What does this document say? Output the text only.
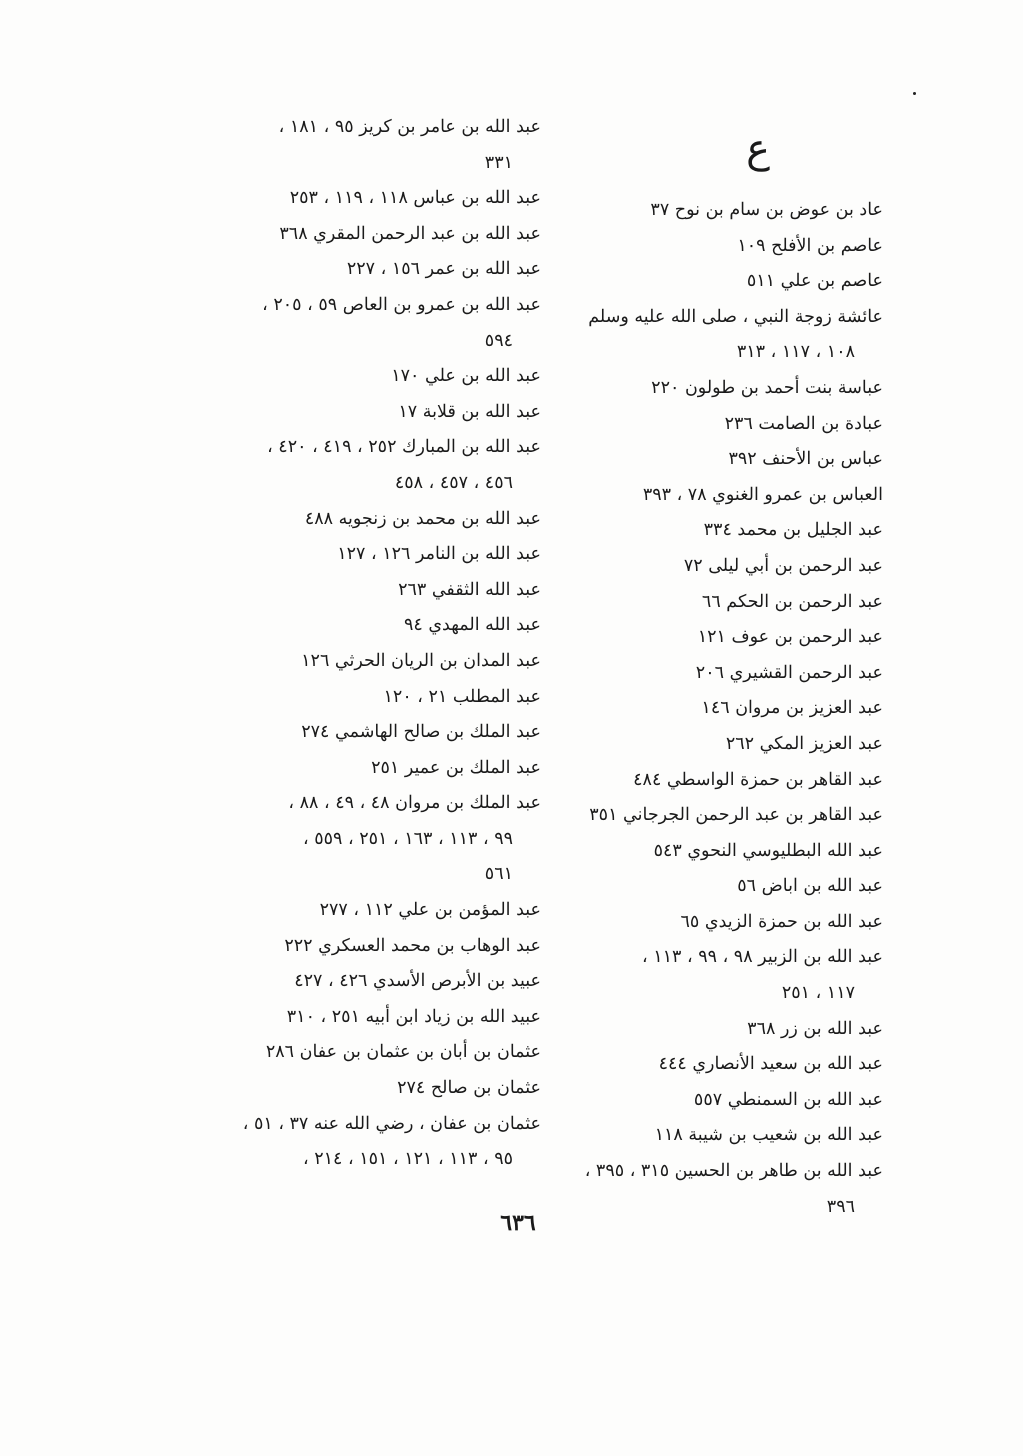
ع
عاد بن عوض بن سام بن نوح ٣٧
عاصم بن الأفلح ١٠٩
عاصم بن علي ٥١١
عائشة زوجة النبي ، صلى الله عليه وسلم
١٠٨ ، ١١٧ ، ٣١٣
عباسة بنت أحمد بن طولون ٢٢٠
عبادة بن الصامت ٢٣٦
عباس بن الأحنف ٣٩٢
العباس بن عمرو الغنوي ٧٨ ، ٣٩٣
عبد الجليل بن محمد ٣٣٤
عبد الرحمن بن أبي ليلى ٧٢
عبد الرحمن بن الحكم ٦٦
عبد الرحمن بن عوف ١٢١
عبد الرحمن القشيري ٢٠٦
عبد العزيز بن مروان ١٤٦
عبد العزيز المكي ٢٦٢
عبد القاهر بن حمزة الواسطي ٤٨٤
عبد القاهر بن عبد الرحمن الجرجاني ٣٥١
عبد الله البطليوسي النحوي ٥٤٣
عبد الله بن اباض ٥٦
عبد الله بن حمزة الزيدي ٦٥
عبد الله بن الزبير ٩٨ ، ٩٩ ، ١١٣ ،
١١٧ ، ٢٥١
عبد الله بن زر ٣٦٨
عبد الله بن سعيد الأنصاري ٤٤٤
عبد الله بن السمنطي ٥٥٧
عبد الله بن شعيب بن شيبة ١١٨
عبد الله بن طاهر بن الحسين ٣١٥ ، ٣٩٥ ،
٣٩٦
عبد الله بن عامر بن كريز ٩٥ ، ١٨١ ،
٣٣١
عبد الله بن عباس ١١٨ ، ١١٩ ، ٢٥٣
عبد الله بن عبد الرحمن المقري ٣٦٨
عبد الله بن عمر ١٥٦ ، ٢٢٧
عبد الله بن عمرو بن العاص ٥٩ ، ٢٠٥ ،
٥٩٤
عبد الله بن علي ١٧٠
عبد الله بن قلابة ١٧
عبد الله بن المبارك ٢٥٢ ، ٤١٩ ، ٤٢٠ ،
٤٥٦ ، ٤٥٧ ، ٤٥٨
عبد الله بن محمد بن زنجويه ٤٨٨
عبد الله بن النامر ١٢٦ ، ١٢٧
عبد الله الثقفي ٢٦٣
عبد الله المهدي ٩٤
عبد المدان بن الريان الحرثي ١٢٦
عبد المطلب ٢١ ، ١٢٠
عبد الملك بن صالح الهاشمي ٢٧٤
عبد الملك بن عمير ٢٥١
عبد الملك بن مروان ٤٨ ، ٤٩ ، ٨٨ ،
٩٩ ، ١١٣ ، ١٦٣ ، ٢٥١ ، ٥٥٩ ،
٥٦١
عبد المؤمن بن علي ١١٢ ، ٢٧٧
عبد الوهاب بن محمد العسكري ٢٢٢
عبيد بن الأبرص الأسدي ٤٢٦ ، ٤٢٧
عبيد الله بن زياد ابن أبيه ٢٥١ ، ٣١٠
عثمان بن أبان بن عثمان بن عفان ٢٨٦
عثمان بن صالح ٢٧٤
عثمان بن عفان ، رضي الله عنه ٣٧ ، ٥١ ،
٩٥ ، ١١٣ ، ١٢١ ، ١٥١ ، ٢١٤ ،
٦٣٦
